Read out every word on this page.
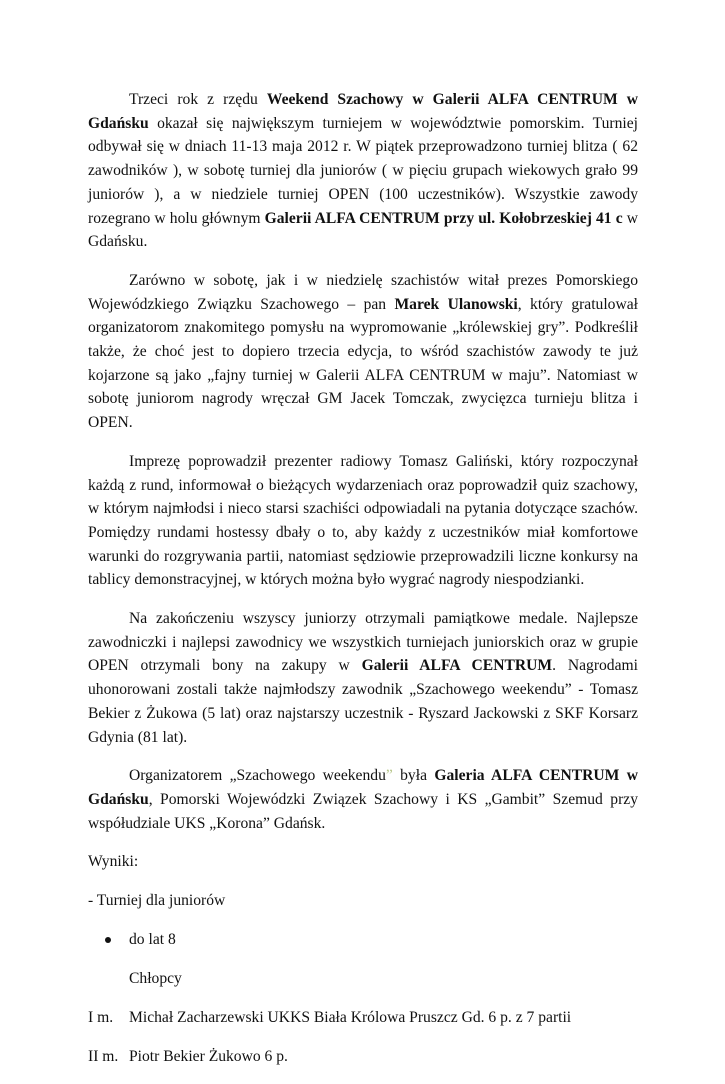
Trzeci rok z rzędu Weekend Szachowy w Galerii ALFA CENTRUM w Gdańsku okazał się największym turniejem w województwie pomorskim. Turniej odbywał się w dniach 11-13 maja 2012 r. W piątek przeprowadzono turniej blitza ( 62 zawodników ), w sobotę turniej dla juniorów ( w pięciu grupach wiekowych grało 99 juniorów ), a w niedziele turniej OPEN (100 uczestników). Wszystkie zawody rozegrano w holu głównym Galerii ALFA CENTRUM przy ul. Kołobrzeskiej 41 c w Gdańsku.

Zarówno w sobotę, jak i w niedzielę szachistów witał prezes Pomorskiego Wojewódzkiego Związku Szachowego – pan Marek Ulanowski, który gratulował organizatorom znakomitego pomysłu na wypromowanie „królewskiej gry”. Podkreślił także, że choć jest to dopiero trzecia edycja, to wśród szachistów zawody te już kojarzone są jako „fajny turniej w Galerii ALFA CENTRUM w maju”. Natomiast w sobotę juniorom nagrody wręczał GM Jacek Tomczak, zwycięzca turnieju blitza i OPEN.

Imprezę poprowadził prezenter radiowy Tomasz Galiński, który rozpoczynał każdą z rund, informował o bieżących wydarzeniach oraz poprowadził quiz szachowy, w którym najmłodsi i nieco starsi szachiści odpowiadali na pytania dotyczące szachów. Pomiędzy rundami hostessy dbały o to, aby każdy z uczestników miał komfortowe warunki do rozgrywania partii, natomiast sędziowie przeprowadzili liczne konkursy na tablicy demonstracyjnej, w których można było wygrać nagrody niespodzianki.

Na zakończeniu wszyscy juniorzy otrzymali pamiątkowe medale. Najlepsze zawodniczki i najlepsi zawodnicy we wszystkich turniejach juniorskich oraz w grupie OPEN otrzymali bony na zakupy w Galerii ALFA CENTRUM. Nagrodami uhonorowani zostali także najmłodszy zawodnik „Szachowego weekendu” - Tomasz Bekier z Żukowa (5 lat) oraz najstarszy uczestnik - Ryszard Jackowski z SKF Korsarz Gdynia (81 lat).

Organizatorem „Szachowego weekendu” była Galeria ALFA CENTRUM w Gdańsku, Pomorski Wojewódzki Związek Szachowy i KS „Gambit” Szemud przy współudziale UKS „Korona” Gdańsk.

Wyniki:

- Turniej dla juniorów

do lat 8

Chłopcy

I m. Michał Zacharzewski UKKS Biała Królowa Pruszcz Gd. 6 p. z 7 partii
II m. Piotr Bekier Żukowo 6 p.
